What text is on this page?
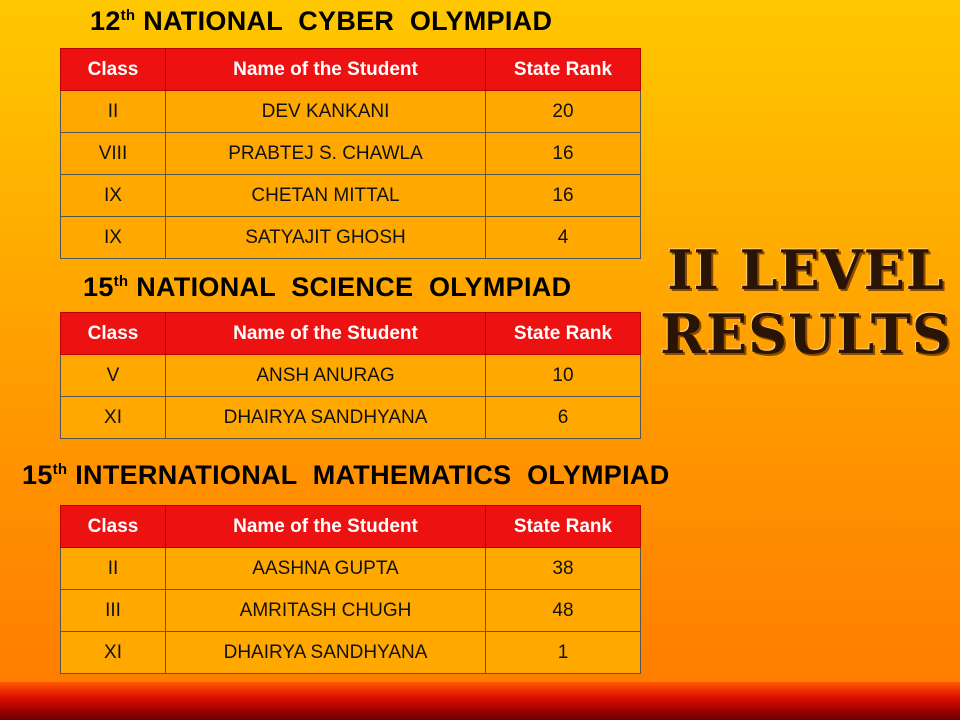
12th NATIONAL  CYBER  OLYMPIAD
Class	Name of the Student	State Rank
II	DEV KANKANI	20
VIII	PRABTEJ S. CHAWLA	16
IX	CHETAN MITTAL	16
IX	SATYAJIT GHOSH	4
15th NATIONAL  SCIENCE  OLYMPIAD
Class	Name of the Student	State Rank
V	ANSH ANURAG	10
XI	DHAIRYA SANDHYANA	6
15th INTERNATIONAL  MATHEMATICS  OLYMPIAD
Class	Name of the Student	State Rank
II	AASHNA GUPTA	38
III	AMRITASH CHUGH	48
XI	DHAIRYA SANDHYANA	1
II LEVEL
RESULTS
